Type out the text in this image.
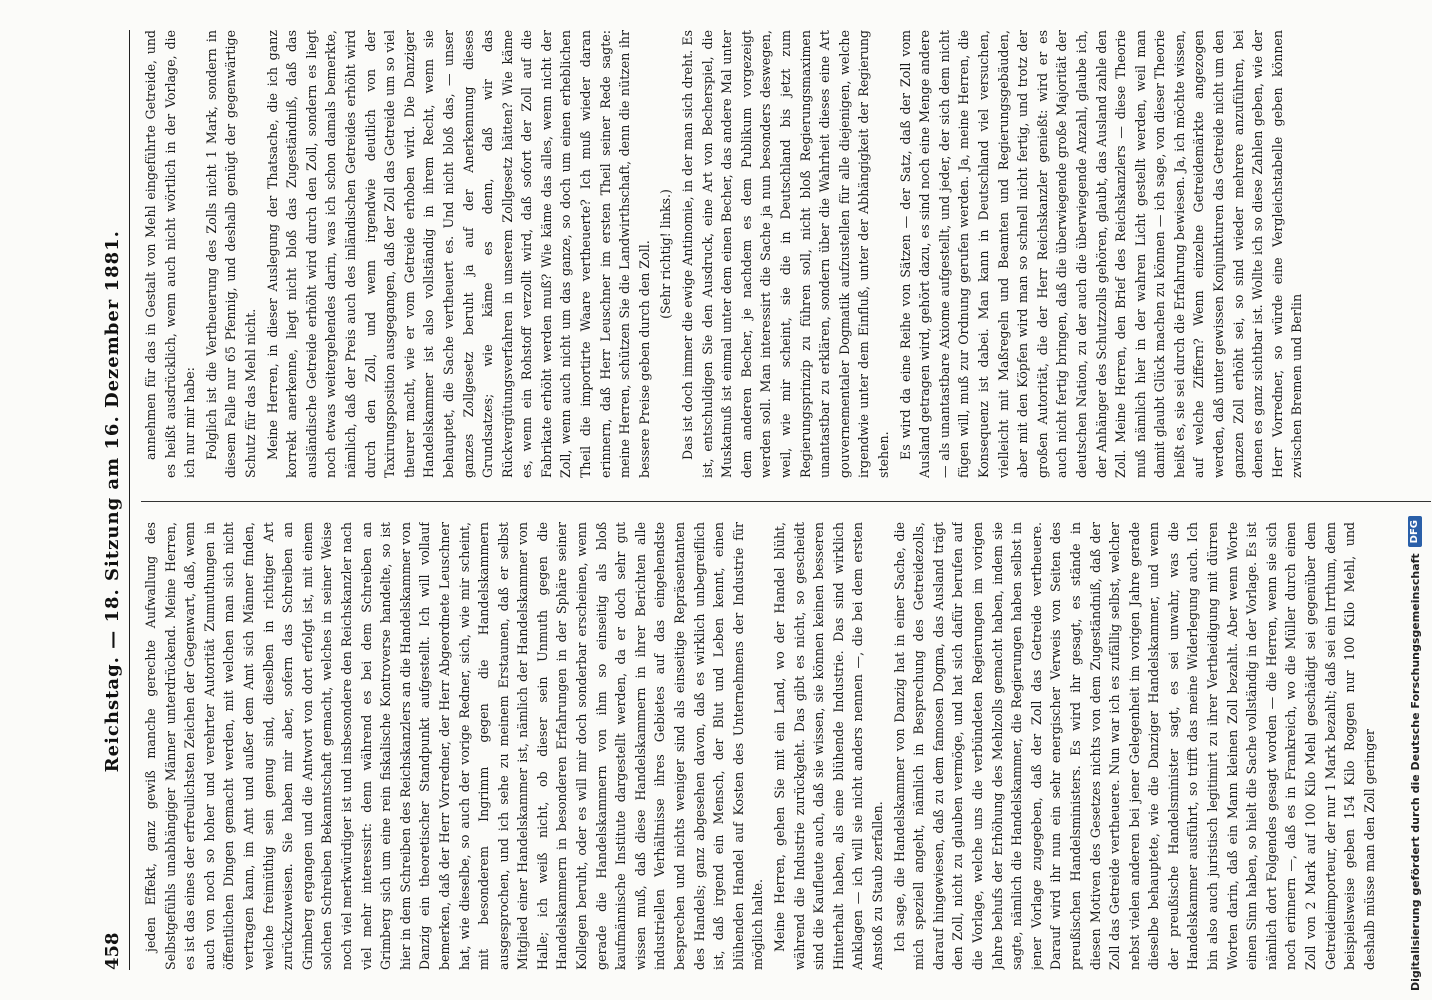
458
Reichstag. — 18. Sitzung am 16. Dezember 1881. jeden Effekt, ganz gewiß manche gerechte Aufwallung des Selbstgefühls unabhängiger Männer unterdrückend. Meine Herren, es ist das eines der erfreulichsten Zeichen der Gegenwart, daß, wenn auch von noch so hoher und verehrter Autorität Zumuthungen in öffentlichen Dingen gemacht werden, mit welchen man sich nicht vertragen kann, im Amt und außer dem Amt sich Männer finden, welche freimüthig sein genug sind, dieselben in richtiger Art zurückzuweisen. Sie haben mir aber, sofern das Schreiben an Grimberg ergangen und die Antwort von dort erfolgt ist, mit einem solchen Schreiben Bekanntschaft gemacht, welches in seiner Weise noch viel merkwürdiger ist und insbesondere den Reichskanzler nach viel mehr interessirt: denn während es bei dem Schreiben an Grimberg sich um eine rein fiskalische Kontroverse handelte, so ist hier in dem Schreiben des Reichskanzlers an die Handelskammer von Danzig ein theoretischer Standpunkt aufgestellt. Ich will vollauf bemerken, daß der Herr Vorredner, der Herr Abgeordnete Leuschner hat, wie dieselbe, so auch der vorige Redner, sich, wie mir scheint, mit besonderem Ingrimm gegen die Handelskammern ausgesprochen, und ich sehe zu meinem Erstaunen, daß er selbst Mitglied einer Handelskammer ist, nämlich der Handelskammer von Halle; ich weiß nicht, ob dieser sein Unmuth gegen die Handelskammern in besonderen Erfahrungen in der Sphäre seiner Kollegen beruht, oder es will mir doch sonderbar erscheinen, wenn gerade die Handelskammern von ihm so einseitig als bloß kaufmännische Institute dargestellt werden, da er doch sehr gut wissen muß, daß diese Handelskammern in ihrer Berichten alle industriellen Verhältnisse ihres Gebietes auf das eingehendste besprechen und nichts weniger sind als einseitige Repräsentanten des Handels; ganz abgesehen davon, daß es wirklich unbegreiflich ist, daß irgend ein Mensch, der Blut und Leben kennt, einen blühenden Handel auf Kosten des Unternehmens der Industrie für möglich halte. Meine Herren, gehen Sie mit ein Land, wo der Handel blüht, während die Industrie zurückgeht. Das gibt es nicht, so gescheidt sind die Kaufleute auch, daß sie wissen, sie können keinen besseren Hinterhalt haben, als eine blühende Industrie. Das sind wirklich Anklagen — ich will sie nicht anders nennen —, die bei dem ersten Anstoß zu Staub zerfallen. Ich sage, die Handelskammer von Danzig hat in einer Sache, die mich speziell angeht, nämlich in Besprechung des Getreidezolls, darauf hingewiesen, daß zu dem famosen Dogma, das Ausland trägt den Zoll, nicht zu glauben vermöge, und hat sich dafür berufen auf die Vorlage, welche uns die verbündeten Regierungen im vorigen Jahre behufs der Erhöhung des Mehlzolls gemacht haben, indem sie sagte, nämlich die Handelskammer, die Regierungen haben selbst in jener Vorlage zugegeben, daß der Zoll das Getreide vertheuere. Darauf wird ihr nun ein sehr energischer Verweis von Seiten des preußischen Handelsministers. Es wird ihr gesagt, es stände in diesen Motiven des Gesetzes nichts von dem Zugeständniß, daß der Zoll das Getreide vertheuere. Nun war ich es zufällig selbst, welcher nebst vielen anderen bei jener Gelegenheit im vorigen Jahre gerade dieselbe behauptete, wie die Danziger Handelskammer, und wenn der preußische Handelsminister sagt, es sei unwahr, was die Handelskammer ausführt, so trifft das meine Widerlegung auch. Ich bin also auch juristisch legitimirt zu ihrer Vertheidigung mit dürren Worten darin, daß ein Mann kleinen Zoll bezahlt. Aber wenn Worte einen Sinn haben, so hielt die Sache vollständig in der Vorlage. Es ist nämlich dort Folgendes gesagt worden — die Herren, wenn sie sich noch erinnern —, daß es in Frankreich, wo die Müller durch einen Zoll von 2 Mark auf 100 Kilo Mehl geschädigt sei gegenüber dem Getreideimporteur, der nur 1 Mark bezahlt; daß sei ein Irrthum, denn beispielsweise geben 154 Kilo Roggen nur 100 Kilo Mehl, und deshalb müsse man den Zoll geringer

annehmen für das in Gestalt von Mehl eingeführte Getreide, und es heißt ausdrücklich, wenn auch nicht wörtlich in der Vorlage, die ich nur mir habe: Folglich ist die Vertheuerung des Zolls nicht 1 Mark, sondern in diesem Falle nur 65 Pfennig, und deshalb genügt der gegenwärtige Schutz für das Mehl nicht. Meine Herren, in dieser Auslegung der Thatsache, die ich ganz korrekt anerkenne, liegt nicht bloß das Zugeständniß, daß das ausländische Getreide erhöht wird durch den Zoll, sondern es liegt noch etwas weitergehendes darin, was ich schon damals bemerkte, nämlich, daß der Preis auch des inländischen Getreides erhöht wird durch den Zoll, und wenn irgendwie deutlich von der Taxirungsposition ausgegangen, daß der Zoll das Getreide um so viel theurer macht, wie er vom Getreide erhoben wird. Die Danziger Handelskammer ist also vollständig in ihrem Recht, wenn sie behauptet, die Sache vertheuert es. Und nicht bloß das, — unser ganzes Zollgesetz beruht ja auf der Anerkennung dieses Grundsatzes; wie käme es denn, daß wir das Rückvergütungsverfahren in unserem Zollgesetz hätten? Wie käme es, wenn ein Rohstoff verzollt wird, daß sofort der Zoll auf die Fabrikate erhöht werden muß? Wie käme das alles, wenn nicht der Zoll, wenn auch nicht um das ganze, so doch um einen erheblichen Theil die importirte Waare vertheuerte? Ich muß wieder daran erinnern, daß Herr Leuschner im ersten Theil seiner Rede sagte: meine Herren, schützen Sie die Landwirthschaft, denn die nützen ihr bessere Preise geben durch den Zoll. (Sehr richtig! links.) Das ist doch immer die ewige Antinomie, in der man sich dreht. Es ist, entschuldigen Sie den Ausdruck, eine Art von Becherspiel, die Muskatnuß ist einmal unter dem einen Becher, das andere Mal unter dem anderen Becher, je nachdem es dem Publikum vorgezeigt werden soll. Man interessirt die Sache ja nun besonders deswegen, weil, wie mir scheint, sie die in Deutschland bis jetzt zum Regierungsprinzip zu führen soll, nicht bloß Regierungsmaximen unantastbar zu erklären, sondern über die Wahrheit dieses eine Art gouvernementaler Dogmatik aufzustellen für alle diejenigen, welche irgendwie unter dem Einfluß, unter der Abhängigkeit der Regierung stehen. Es wird da eine Reihe von Sätzen — der Satz, daß der Zoll vom Ausland getragen wird, gehört dazu, es sind noch eine Menge andere — als unantastbare Axiome aufgestellt, und jeder, der sich dem nicht fügen will, muß zur Ordnung gerufen werden. Ja, meine Herren, die Konsequenz ist dabei. Man kann in Deutschland viel versuchen, vielleicht mit Maßregeln und Beamten und Regierungsgebäuden, aber mit den Köpfen wird man so schnell nicht fertig, und trotz der großen Autorität, die der Herr Reichskanzler genießt: wird er es auch nicht fertig bringen, daß die überwiegende große Majorität der deutschen Nation, zu der auch die überwiegende Anzahl, glaube ich, der Anhänger des Schutzzolls gehören, glaubt, das Ausland zahle den Zoll. Meine Herren, den Brief des Reichskanzlers — diese Theorie muß nämlich hier in der wahren Licht gestellt werden, weil man damit glaubt Glück machen zu können — ich sage, von dieser Theorie heißt es, sie sei durch die Erfahrung bewiesen. Ja, ich möchte wissen, auf welche Ziffern? Wenn einzelne Getreidemärkte angezogen werden, daß unter gewissen Konjunkturen das Getreide nicht um den ganzen Zoll erhöht sei, so sind wieder mehrere anzuführen, bei denen es ganz sichtbar ist. Wollte ich so diese Zahlen geben, wie der Herr Vorredner, so würde eine Vergleichstabelle geben können zwischen Bremen und Berlin

Digitalisierung gefördert durch die Deutsche Forschungsgemeinschaft
DFG
